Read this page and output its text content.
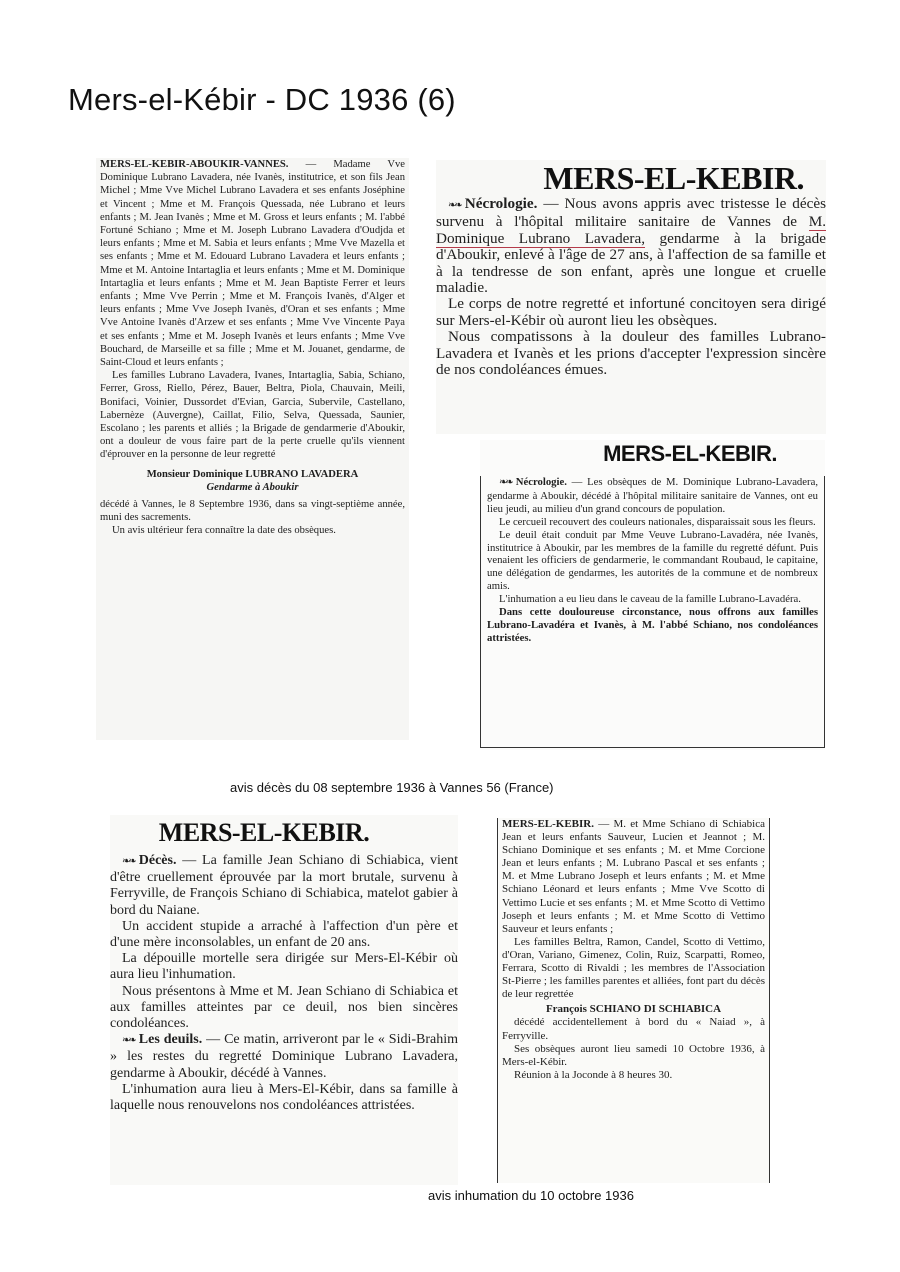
Mers-el-Kébir - DC 1936 (6)

MERS-EL-KEBIR-ABOUKIR-VANNES. — Madame Vve Dominique Lubrano Lavadera, née Ivanès, institutrice, et son fils Jean Michel ; Mme Vve Michel Lubrano Lavadera et ses enfants Joséphine et Vincent ; Mme et M. François Quessada, née Lubrano et leurs enfants ; M. Jean Ivanès ; Mme et M. Gross et leurs enfants ; M. l'abbé Fortuné Schiano ; Mme et M. Joseph Lubrano Lavadera d'Oudjda et leurs enfants ; Mme et M. Sabia et leurs enfants ; Mme Vve Mazella et ses enfants ; Mme et M. Edouard Lubrano Lavadera et leurs enfants ; Mme et M. Antoine Intartaglia et leurs enfants ; Mme et M. Dominique Intartaglia et leurs enfants ; Mme et M. Jean Baptiste Ferrer et leurs enfants ; Mme Vve Perrin ; Mme et M. François Ivanès, d'Alger et leurs enfants ; Mme Vve Joseph Ivanès, d'Oran et ses enfants ; Mme Vve Antoine Ivanès d'Arzew et ses enfants ; Mme Vve Vincente Paya et ses enfants ; Mme et M. Joseph Ivanès et leurs enfants ; Mme Vve Bouchard, de Marseille et sa fille ; Mme et M. Jouanet, gendarme, de Saint-Cloud et leurs enfants ;

Les familles Lubrano Lavadera, Ivanes, Intartaglia, Sabia, Schiano, Ferrer, Gross, Riello, Pérez, Bauer, Beltra, Piola, Chauvain, Meili, Bonifaci, Voinier, Dussordet d'Evian, Garcia, Subervile, Castellano, Labernèze (Auvergne), Caillat, Filio, Selva, Quessada, Saunier, Escolano ; les parents et alliés ; la Brigade de gendarmerie d'Aboukir, ont a douleur de vous faire part de la perte cruelle qu'ils viennent d'éprouver en la personne de leur regretté

Monsieur Dominique LUBRANO LAVADERA

Gendarme à Aboukir

décédé à Vannes, le 8 Septembre 1936, dans sa vingt-septième année, muni des sacrements.

Un avis ultérieur fera connaître la date des obsèques.

MERS-EL-KEBIR.

❧❧ Nécrologie. — Nous avons appris avec tristesse le décès survenu à l'hôpital militaire sanitaire de Vannes de M. Dominique Lubrano Lavadera, gendarme à la brigade d'Aboukir, enlevé à l'âge de 27 ans, à l'affection de sa famille et à la tendresse de son enfant, après une longue et cruelle maladie.

Le corps de notre regretté et infortuné concitoyen sera dirigé sur Mers-el-Kébir où auront lieu les obsèques.

Nous compatissons à la douleur des familles Lubrano-Lavadera et Ivanès et les prions d'accepter l'expression sincère de nos condoléances émues.

MERS-EL-KEBIR.

❧❧ Nécrologie. — Les obsèques de M. Dominique Lubrano-Lavadera, gendarme à Aboukir, décédé à l'hôpital militaire sanitaire de Vannes, ont eu lieu jeudi, au milieu d'un grand concours de population.

Le cercueil recouvert des couleurs nationales, disparaissait sous les fleurs.

Le deuil était conduit par Mme Veuve Lubrano-Lavadéra, née Ivanès, institutrice à Aboukir, par les membres de la famille du regretté défunt. Puis venaient les officiers de gendarmerie, le commandant Roubaud, le capitaine, une délégation de gendarmes, les autorités de la commune et de nombreux amis.

L'inhumation a eu lieu dans le caveau de la famille Lubrano-Lavadéra.

Dans cette douloureuse circonstance, nous offrons aux familles Lubrano-Lavadéra et Ivanès, à M. l'abbé Schiano, nos condoléances attristées.

avis décès du 08 septembre 1936 à Vannes 56 (France)
MERS-EL-KEBIR.

❧❧ Décès. — La famille Jean Schiano di Schiabica, vient d'être cruellement éprouvée par la mort brutale, survenu à Ferryville, de François Schiano di Schiabica, matelot gabier à bord du Naiane.

Un accident stupide a arraché à l'affection d'un père et d'une mère inconsolables, un enfant de 20 ans.

La dépouille mortelle sera dirigée sur Mers-El-Kébir où aura lieu l'inhumation.

Nous présentons à Mme et M. Jean Schiano di Schiabica et aux familles atteintes par ce deuil, nos bien sincères condoléances.

❧❧ Les deuils. — Ce matin, arriveront par le « Sidi-Brahim » les restes du regretté Dominique Lubrano Lavadera, gendarme à Aboukir, décédé à Vannes.

L'inhumation aura lieu à Mers-El-Kébir, dans sa famille à laquelle nous renouvelons nos condoléances attristées.

MERS-EL-KEBIR. — M. et Mme Schiano di Schiabica Jean et leurs enfants Sauveur, Lucien et Jeannot ; M. Schiano Dominique et ses enfants ; M. et Mme Corcione Jean et leurs enfants ; M. Lubrano Pascal et ses enfants ; M. et Mme Lubrano Joseph et leurs enfants ; M. et Mme Schiano Léonard et leurs enfants ; Mme Vve Scotto di Vettimo Lucie et ses enfants ; M. et Mme Scotto di Vettimo Joseph et leurs enfants ; M. et Mme Scotto di Vettimo Sauveur et leurs enfants ;

Les familles Beltra, Ramon, Candel, Scotto di Vettimo, d'Oran, Variano, Gimenez, Colin, Ruiz, Scarpatti, Romeo, Ferrara, Scotto di Rivaldi ; les membres de l'Association St-Pierre ; les familles parentes et alliées, font part du décès de leur regrettée

François SCHIANO DI SCHIABICA

décédé accidentellement à bord du « Naiad », à Ferryville.

Ses obsèques auront lieu samedi 10 Octobre 1936, à Mers-el-Kébir.

Réunion à la Joconde à 8 heures 30.

avis inhumation du 10 octobre 1936
